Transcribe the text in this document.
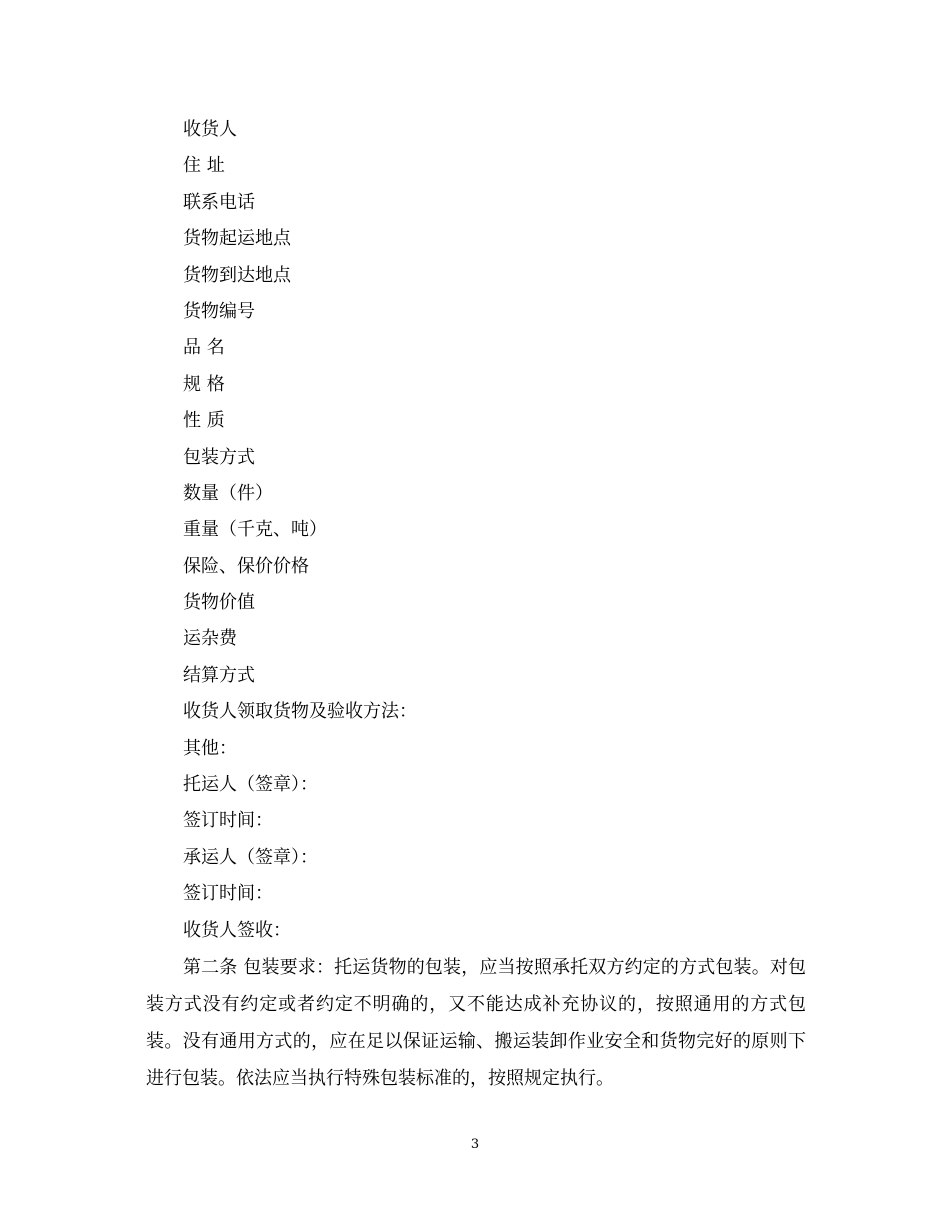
收货人
住 址
联系电话
货物起运地点
货物到达地点
货物编号
品 名
规 格
性 质
包装方式
数量（件）
重量（千克、吨）
保险、保价价格
货物价值
运杂费
结算方式
收货人领取货物及验收方法：
其他：
托运人（签章）：
签订时间：
承运人（签章）：
签订时间：
收货人签收：

第二条 包装要求：托运货物的包装，应当按照承托双方约定的方式包装。对包装方式没有约定或者约定不明确的，又不能达成补充协议的，按照通用的方式包装。没有通用方式的，应在足以保证运输、搬运装卸作业安全和货物完好的原则下进行包装。依法应当执行特殊包装标准的，按照规定执行。

3
